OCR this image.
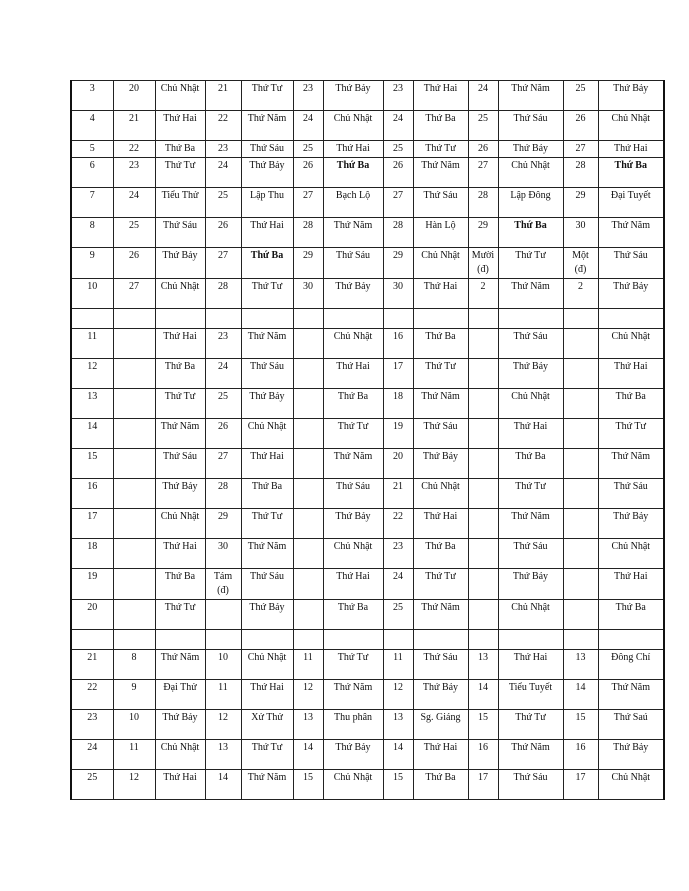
3	20	Chủ Nhật	21	Thứ Tư	23	Thứ Bảy	23	Thứ Hai	24	Thứ Năm	25	Thứ Bảy
4	21	Thứ Hai	22	Thứ Năm	24	Chủ Nhật	24	Thứ Ba	25	Thứ Sáu	26	Chủ Nhật
5	22	Thứ Ba	23	Thứ Sáu	25	Thứ Hai	25	Thứ Tư	26	Thứ Bảy	27	Thứ Hai
6	23	Thứ Tư	24	Thứ Bảy	26	Thứ Ba	26	Thứ Năm	27	Chủ Nhật	28	Thứ Ba
7	24	Tiểu Thử	25	Lập Thu	27	Bạch Lộ	27	Thứ Sáu	28	Lập Đông	29	Đại Tuyết
8	25	Thứ Sáu	26	Thứ Hai	28	Thứ Năm	28	Hàn Lộ	29	Thứ Ba	30	Thứ Năm
9	26	Thứ Bảy	27	Thứ Ba	29	Thứ Sáu	29	Chủ Nhật	Mười (đ)	Thứ Tư	Một (đ)	Thứ Sáu
10	27	Chủ Nhật	28	Thứ Tư	30	Thứ Bảy	30	Thứ Hai	2	Thứ Năm	2	Thứ Bảy

11		Thứ Hai	23	Thứ Năm		Chủ Nhật	16	Thứ Ba		Thứ Sáu		Chủ Nhật
12		Thứ Ba	24	Thứ Sáu		Thứ Hai	17	Thứ Tư		Thứ Bảy		Thứ Hai
13		Thứ Tư	25	Thứ Bảy		Thứ Ba	18	Thứ Năm		Chủ Nhật		Thứ Ba
14		Thứ Năm	26	Chủ Nhật		Thứ Tư	19	Thứ Sáu		Thứ Hai		Thứ Tư
15		Thứ Sáu	27	Thứ Hai		Thứ Năm	20	Thứ Bảy		Thứ Ba		Thứ Năm
16		Thứ Bảy	28	Thứ Ba		Thứ Sáu	21	Chủ Nhật		Thứ Tư		Thứ Sáu
17		Chủ Nhật	29	Thứ Tư		Thứ Bảy	22	Thứ Hai		Thứ Năm		Thứ Bảy
18		Thứ Hai	30	Thứ Năm		Chủ Nhật	23	Thứ Ba		Thứ Sáu		Chủ Nhật
19		Thứ Ba	Tám (đ)	Thứ Sáu		Thứ Hai	24	Thứ Tư		Thứ Bảy		Thứ Hai
20		Thứ Tư		Thứ Bảy		Thứ Ba	25	Thứ Năm		Chủ Nhật		Thứ Ba

21	8	Thứ Năm	10	Chủ Nhật	11	Thứ Tư	11	Thứ Sáu	13	Thứ Hai	13	Đông Chí
22	9	Đại Thử	11	Thứ Hai	12	Thứ Năm	12	Thứ Bảy	14	Tiểu Tuyết	14	Thứ Năm
23	10	Thứ Bảy	12	Xử Thử	13	Thu phân	13	Sg. Giáng	15	Thứ Tư	15	Thứ Saú
24	11	Chủ Nhật	13	Thứ Tư	14	Thứ Bảy	14	Thứ Hai	16	Thứ Năm	16	Thứ Bảy
25	12	Thứ Hai	14	Thứ Năm	15	Chủ Nhật	15	Thứ Ba	17	Thứ Sáu	17	Chủ Nhật
